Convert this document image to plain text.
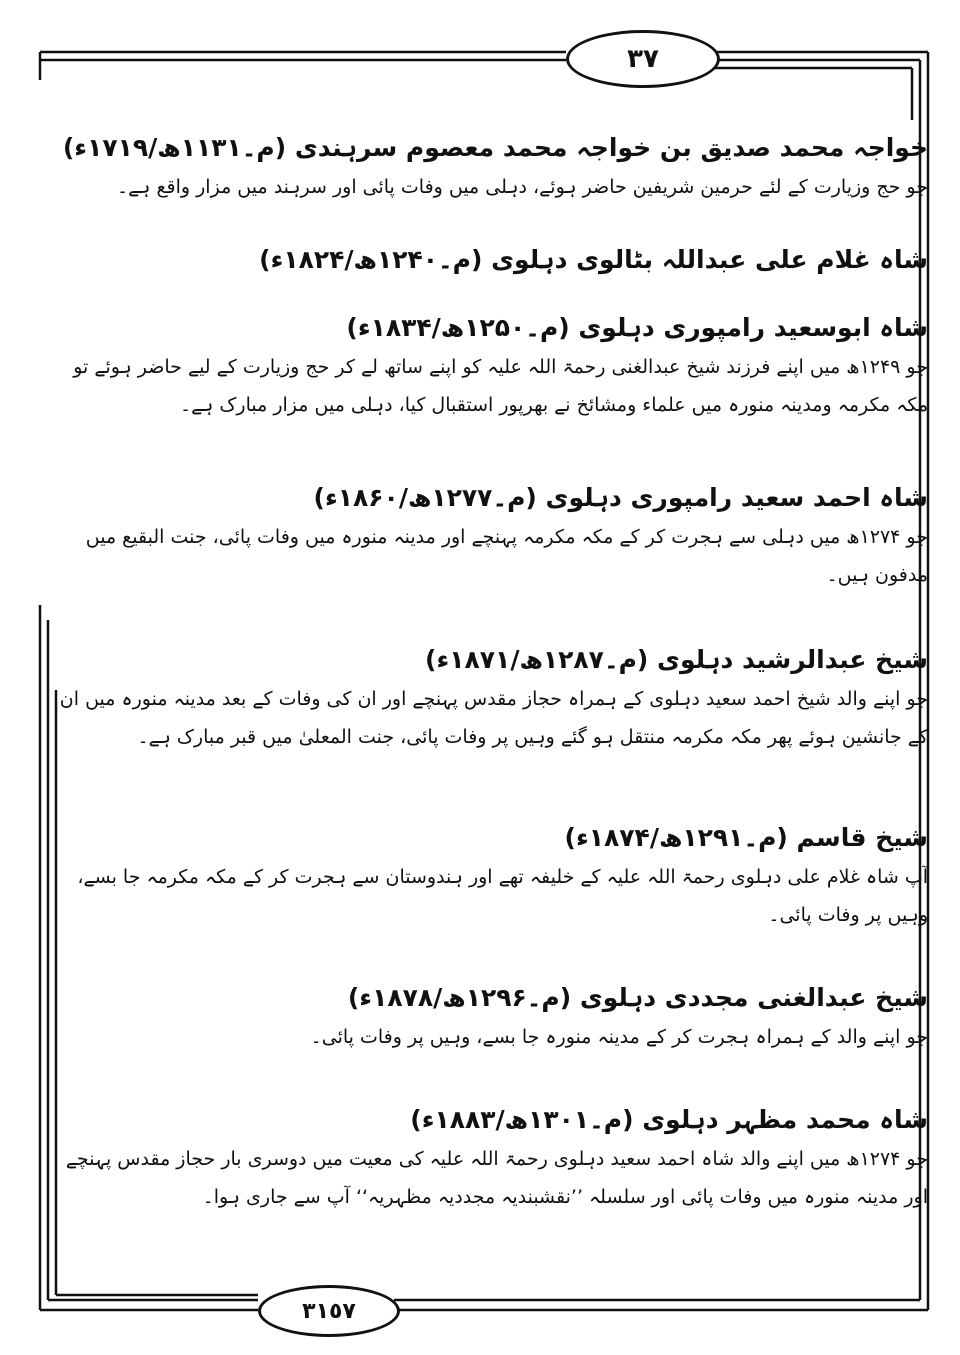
٣٧
٣١٥٧

خواجہ محمد صدیق بن خواجہ محمد معصوم سرہندی (م۔۱۱۳۱ھ/۱۷۱۹ء)

جو حج وزیارت کے لئے حرمین شریفین حاضر ہوئے، دہلی میں وفات پائی اور سرہند میں مزار واقع ہے۔

شاہ غلام علی عبداللہ بٹالوی دہلوی (م۔۱۲۴۰ھ/۱۸۲۴ء)

شاہ ابوسعید رامپوری دہلوی (م۔۱۲۵۰ھ/۱۸۳۴ء)

جو ۱۲۴۹ھ میں اپنے فرزند شیخ عبدالغنی رحمۃ اللہ علیہ کو اپنے ساتھ لے کر حج وزیارت کے لیے حاضر ہوئے تو مکہ مکرمہ ومدینہ منورہ میں علماء ومشائخ نے بھرپور استقبال کیا، دہلی میں مزار مبارک ہے۔

شاہ احمد سعید رامپوری دہلوی (م۔۱۲۷۷ھ/۱۸۶۰ء)

جو ۱۲۷۴ھ میں دہلی سے ہجرت کر کے مکہ مکرمہ پہنچے اور مدینہ منورہ میں وفات پائی، جنت البقیع میں مدفون ہیں۔

شیخ عبدالرشید دہلوی (م۔۱۲۸۷ھ/۱۸۷۱ء)

جو اپنے والد شیخ احمد سعید دہلوی کے ہمراہ حجاز مقدس پہنچے اور ان کی وفات کے بعد مدینہ منورہ میں ان کے جانشین ہوئے پھر مکہ مکرمہ منتقل ہو گئے وہیں پر وفات پائی، جنت المعلیٰ میں قبر مبارک ہے۔

شیخ قاسم (م۔۱۲۹۱ھ/۱۸۷۴ء)

آپ شاہ غلام علی دہلوی رحمۃ اللہ علیہ کے خلیفہ تھے اور ہندوستان سے ہجرت کر کے مکہ مکرمہ جا بسے، وہیں پر وفات پائی۔

شیخ عبدالغنی مجددی دہلوی (م۔۱۲۹۶ھ/۱۸۷۸ء)

جو اپنے والد کے ہمراہ ہجرت کر کے مدینہ منورہ جا بسے، وہیں پر وفات پائی۔

شاہ محمد مظہر دہلوی (م۔۱۳۰۱ھ/۱۸۸۳ء)

جو ۱۲۷۴ھ میں اپنے والد شاہ احمد سعید دہلوی رحمۃ اللہ علیہ کی معیت میں دوسری بار حجاز مقدس پہنچے اور مدینہ منورہ میں وفات پائی اور سلسلہ ’’نقشبندیہ مجددیہ مظہریہ‘‘ آپ سے جاری ہوا۔
